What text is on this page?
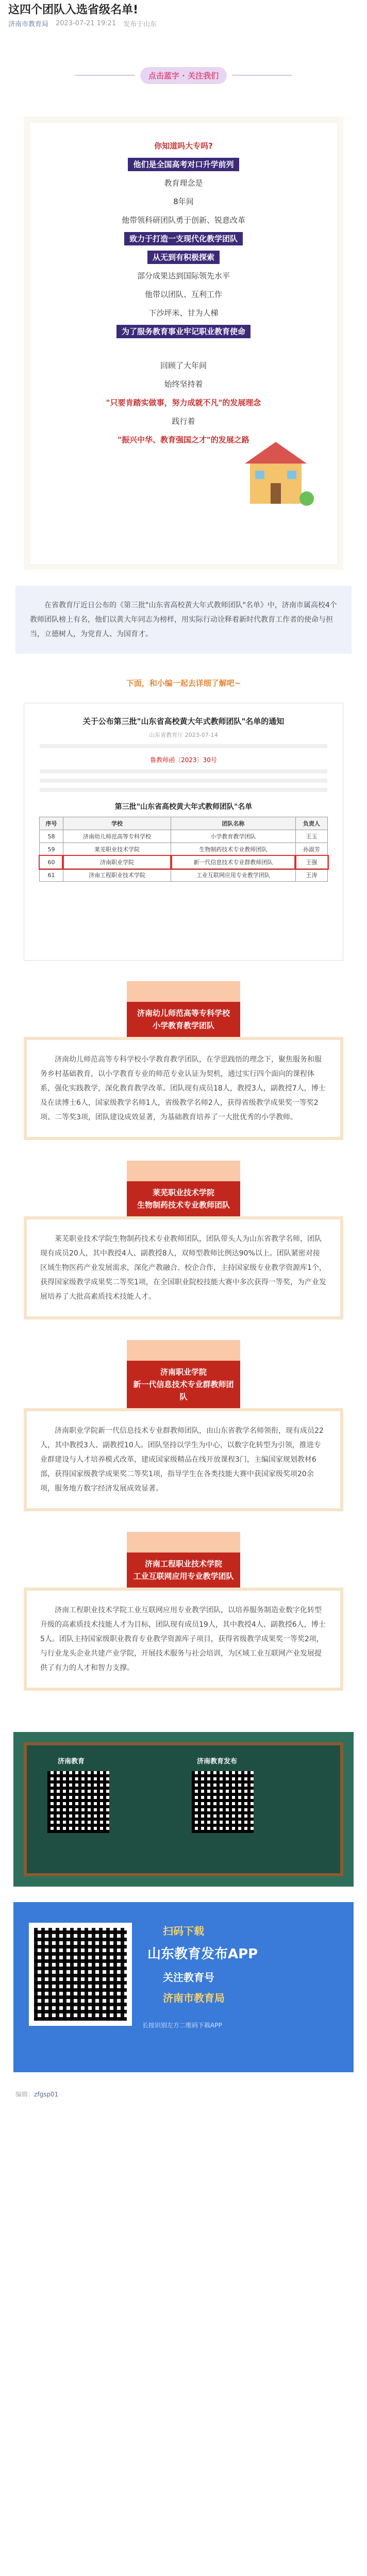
这四个团队入选省级名单!
济南市教育局 2023-07-21 19:21 发布于山东
点击蓝字 · 关注我们

你知道吗大专吗?

他们是全国高考对口升学前列

教育理念是

8年间

他带领科研团队勇于创新、锐意改革

致力于打造一支现代化教学团队

从无到有积极探索

部分成果达到国际领先水平

他带以团队、互利工作

下沙坪米、甘为人梯

为了服务教育事业牢记职业教育使命

回顾了大年间

始终坚持着

"只要肯踏实做事，努力成就不凡"的发展理念

践行着

"振兴中华、教育强国之才"的发展之路

在省教育厅近日公布的《第三批"山东省高校黄大年式教师团队"名单》中，济南市属高校4个教师团队榜上有名，他们以黄大年同志为榜样，用实际行动诠释着新时代教育工作者的使命与担当，立德树人，为党育人、为国育才。
下面，和小编一起去详细了解吧~
关于公布第三批"山东省高校黄大年式教师团队"名单的通知
山东省教育厅 2023-07-14
鲁教师函〔2023〕30号
第三批"山东省高校黄大年式教师团队"名单
序号	学校	团队名称	负责人
58	济南幼儿师范高等专科学校	小学教育教学团队	王玉
59	莱芜职业技术学院	生物制药技术专业教师团队	孙淑芳
60	济南职业学院	新一代信息技术专业群教师团队	王强
61	济南工程职业技术学院	工业互联网应用专业教学团队	王涛
济南幼儿师范高等专科学校
小学教育教学团队
济南幼儿师范高等专科学校小学教育教学团队，在学思践悟的理念下，聚焦服务和服务乡村基础教育，以小学教育专业的师范专业认证为契机，通过实行四个面向的课程体系，强化实践教学，深化教育教学改革。团队现有成员18人，教授3人，副教授7人，博士及在读博士6人，国家级教学名师1人，省级教学名师2人，获得省级教学成果奖一等奖2项、二等奖3项，团队建设成效显著，为基础教育培养了一大批优秀的小学教师。
莱芜职业技术学院
生物制药技术专业教师团队
莱芜职业技术学院生物制药技术专业教师团队，团队带头人为山东省教学名师，团队现有成员20人，其中教授4人、副教授8人，双师型教师比例达90%以上。团队紧密对接区域生物医药产业发展需求，深化产教融合、校企合作，主持国家级专业教学资源库1个，获得国家级教学成果奖二等奖1项，在全国职业院校技能大赛中多次获得一等奖，为产业发展培养了大批高素质技术技能人才。
济南职业学院
新一代信息技术专业群教师团队
济南职业学院新一代信息技术专业群教师团队，由山东省教学名师领衔，现有成员22人，其中教授3人、副教授10人。团队坚持以学生为中心，以数字化转型为引领，推进专业群建设与人才培养模式改革，建成国家级精品在线开放课程3门，主编国家规划教材6部，获得国家级教学成果奖二等奖1项，指导学生在各类技能大赛中获国家级奖项20余项，服务地方数字经济发展成效显著。
济南工程职业技术学院
工业互联网应用专业教学团队
济南工程职业技术学院工业互联网应用专业教学团队，以培养服务制造业数字化转型升级的高素质技术技能人才为目标，团队现有成员19人，其中教授4人、副教授6人，博士5人。团队主持国家级职业教育专业教学资源库子项目，获得省级教学成果奖一等奖2项，与行业龙头企业共建产业学院，开展技术服务与社会培训，为区域工业互联网产业发展提供了有力的人才和智力支撑。
济南教育	济南教育发布
扫码下载
山东教育发布APP
关注教育号
济南市教育局
长按识别左方二维码下载APP
编辑：zfgsp01
